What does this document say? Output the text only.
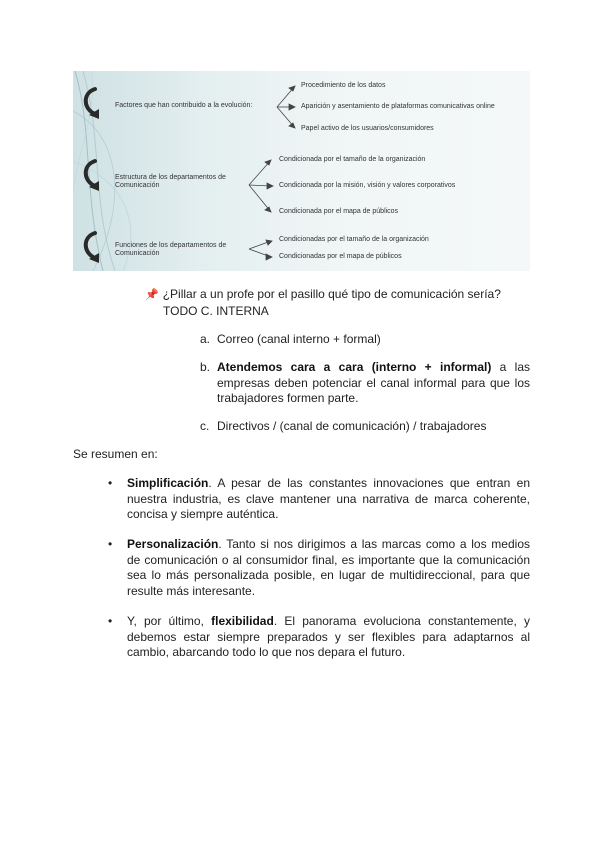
Factores que han contribuido a la evolución:
Procedimiento de los datos
Aparición y asentamiento de plataformas comunicativas online
Papel activo de los usuarios/consumidores
Estructura de los departamentos de Comunicación
Condicionada por el tamaño de la organización
Condicionada por la misión, visión y valores corporativos
Condicionada por el mapa de públicos
Funciones de los departamentos de Comunicación
Condicionadas por el tamaño de la organización
Condicionadas por el mapa de públicos
📌 ¿Pillar a un profe por el pasillo qué tipo de comunicación sería?
TODO C. INTERNA
a. Correo (canal interno + formal)
b. Atendemos cara a cara (interno + informal) a las empresas deben potenciar el canal informal para que los trabajadores formen parte.
c. Directivos / (canal de comunicación) / trabajadores
Se resumen en:
• Simplificación. A pesar de las constantes innovaciones que entran en nuestra industria, es clave mantener una narrativa de marca coherente, concisa y siempre auténtica.
• Personalización. Tanto si nos dirigimos a las marcas como a los medios de comunicación o al consumidor final, es importante que la comunicación sea lo más personalizada posible, en lugar de multidireccional, para que resulte más interesante.
• Y, por último, flexibilidad. El panorama evoluciona constantemente, y debemos estar siempre preparados y ser flexibles para adaptarnos al cambio, abarcando todo lo que nos depara el futuro.
